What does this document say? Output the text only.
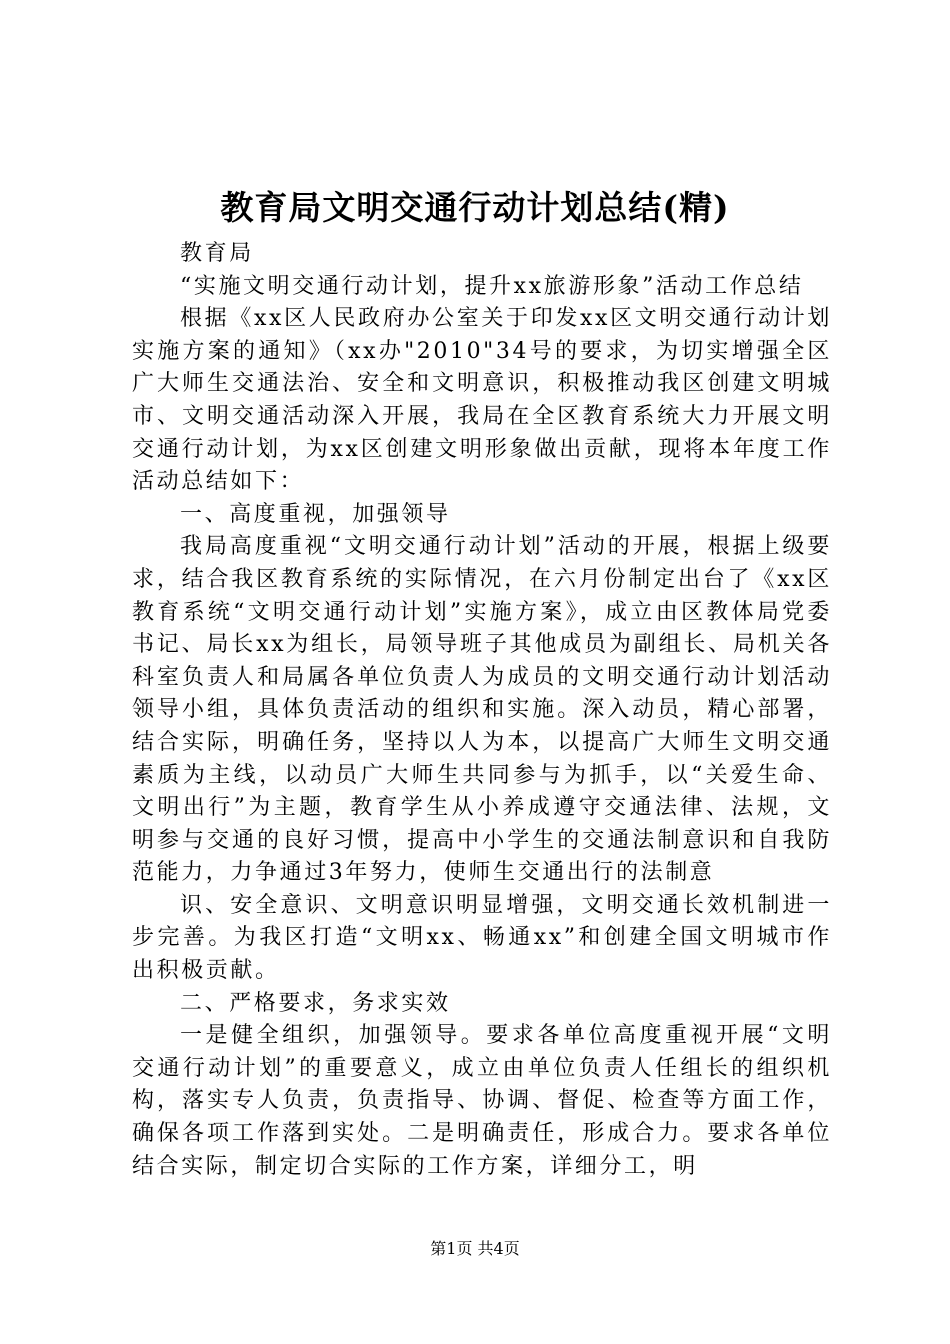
教育局文明交通行动计划总结(精)

教育局

“实施文明交通行动计划，提升xx旅游形象”活动工作总结

根据《xx区人民政府办公室关于印发xx区文明交通行动计划实施方案的通知》（xx办"2010"34号的要求，为切实增强全区广大师生交通法治、安全和文明意识，积极推动我区创建文明城市、文明交通活动深入开展，我局在全区教育系统大力开展文明交通行动计划，为xx区创建文明形象做出贡献，现将本年度工作活动总结如下：

一、高度重视，加强领导

我局高度重视“文明交通行动计划”活动的开展，根据上级要求，结合我区教育系统的实际情况，在六月份制定出台了《xx区教育系统“文明交通行动计划”实施方案》，成立由区教体局党委书记、局长xx为组长，局领导班子其他成员为副组长、局机关各科室负责人和局属各单位负责人为成员的文明交通行动计划活动领导小组，具体负责活动的组织和实施。深入动员，精心部署，结合实际，明确任务，坚持以人为本，以提高广大师生文明交通素质为主线，以动员广大师生共同参与为抓手，以“关爱生命、文明出行”为主题，教育学生从小养成遵守交通法律、法规，文明参与交通的良好习惯，提高中小学生的交通法制意识和自我防范能力，力争通过3年努力，使师生交通出行的法制意

识、安全意识、文明意识明显增强，文明交通长效机制进一步完善。为我区打造“文明xx、畅通xx”和创建全国文明城市作出积极贡献。

二、严格要求，务求实效

一是健全组织，加强领导。要求各单位高度重视开展“文明交通行动计划”的重要意义，成立由单位负责人任组长的组织机构，落实专人负责，负责指导、协调、督促、检查等方面工作，确保各项工作落到实处。二是明确责任，形成合力。要求各单位结合实际，制定切合实际的工作方案，详细分工，明

第1页 共4页
